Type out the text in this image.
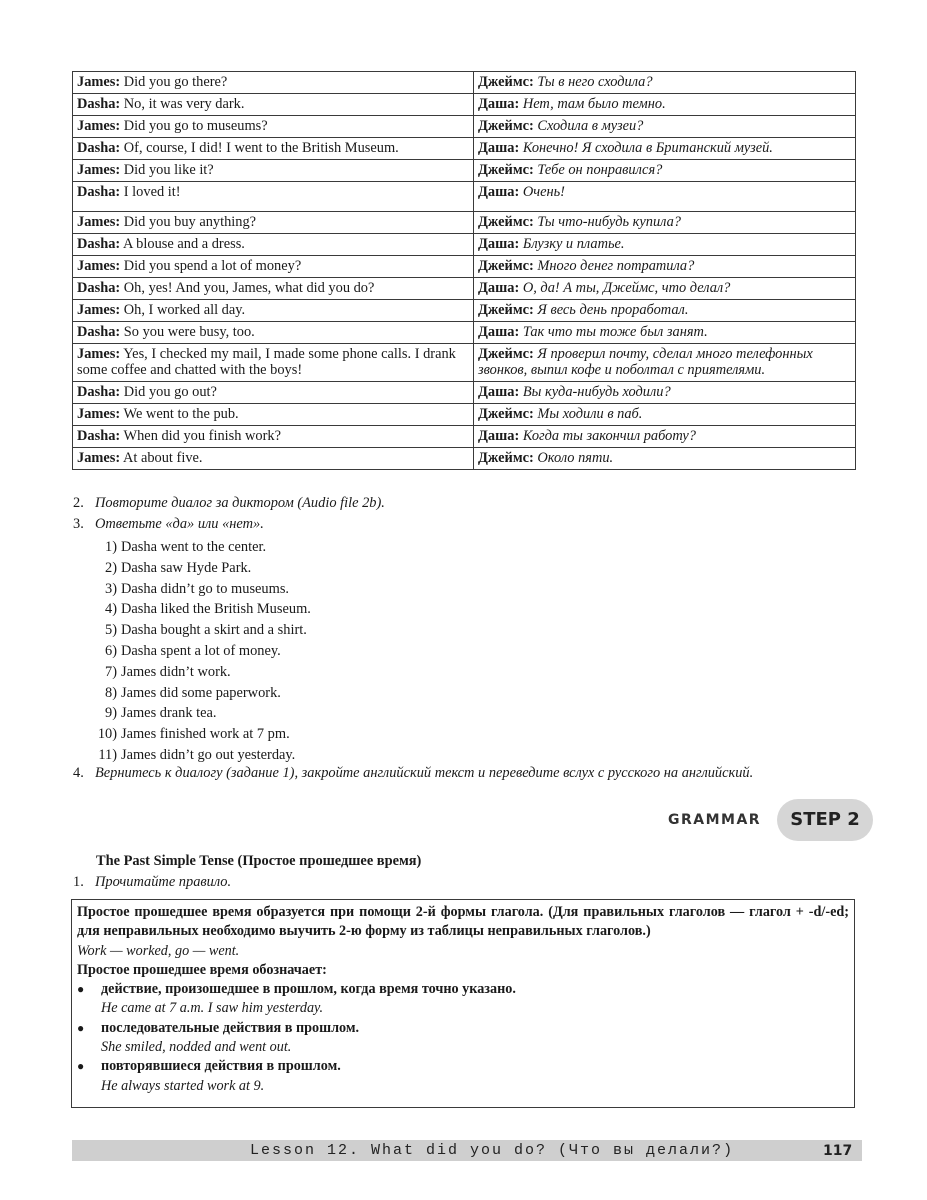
James: Did you go there?	Джеймс: Ты в него сходила?
Dasha: No, it was very dark.	Даша: Нет, там было темно.
James: Did you go to museums?	Джеймс: Сходила в музеи?
Dasha: Of, course, I did! I went to the British Museum.	Даша: Конечно! Я сходила в Британский музей.
James: Did you like it?	Джеймс: Тебе он понравился?
Dasha: I loved it!	Даша: Очень!
James: Did you buy anything?	Джеймс: Ты что-нибудь купила?
Dasha: A blouse and a dress.	Даша: Блузку и платье.
James: Did you spend a lot of money?	Джеймс: Много денег потратила?
Dasha: Oh, yes! And you, James, what did you do?	Даша: О, да! А ты, Джеймс, что делал?
James: Oh, I worked all day.	Джеймс: Я весь день проработал.
Dasha: So you were busy, too.	Даша: Так что ты тоже был занят.
James: Yes, I checked my mail, I made some phone calls. I drank some coffee and chatted with the boys!	Джеймс: Я проверил почту, сделал много телефонных звонков, выпил кофе и поболтал с приятелями.
Dasha: Did you go out?	Даша: Вы куда-нибудь ходили?
James: We went to the pub.	Джеймс: Мы ходили в паб.
Dasha: When did you finish work?	Даша: Когда ты закончил работу?
James: At about five.	Джеймс: Около пяти.
2. Повторите диалог за диктором (Audio file 2b).
3. Ответьте «да» или «нет».
1) Dasha went to the center.
2) Dasha saw Hyde Park.
3) Dasha didn’t go to museums.
4) Dasha liked the British Museum.
5) Dasha bought a skirt and a shirt.
6) Dasha spent a lot of money.
7) James didn’t work.
8) James did some paperwork.
9) James drank tea.
10) James finished work at 7 pm.
11) James didn’t go out yesterday.
4. Вернитесь к диалогу (задание 1), закройте английский текст и переведите вслух с русского на английский.
GRAMMAR	STEP 2
The Past Simple Tense (Простое прошедшее время)
1. Прочитайте правило.

Простое прошедшее время образуется при помощи 2-й формы глагола. (Для правильных глаголов — глагол + -d/-ed; для неправильных необходимо выучить 2-ю форму из таблицы неправильных глаголов.)

Work — worked, go — went.

Простое прошедшее время обозначает:

●	действие, произошедшее в прошлом, когда время точно указано.
He came at 7 a.m. I saw him yesterday.
●	последовательные действия в прошлом.
She smiled, nodded and went out.
●	повторявшиеся действия в прошлом.
He always started work at 9.
Lesson 12. What did you do? (Что вы делали?)	117
